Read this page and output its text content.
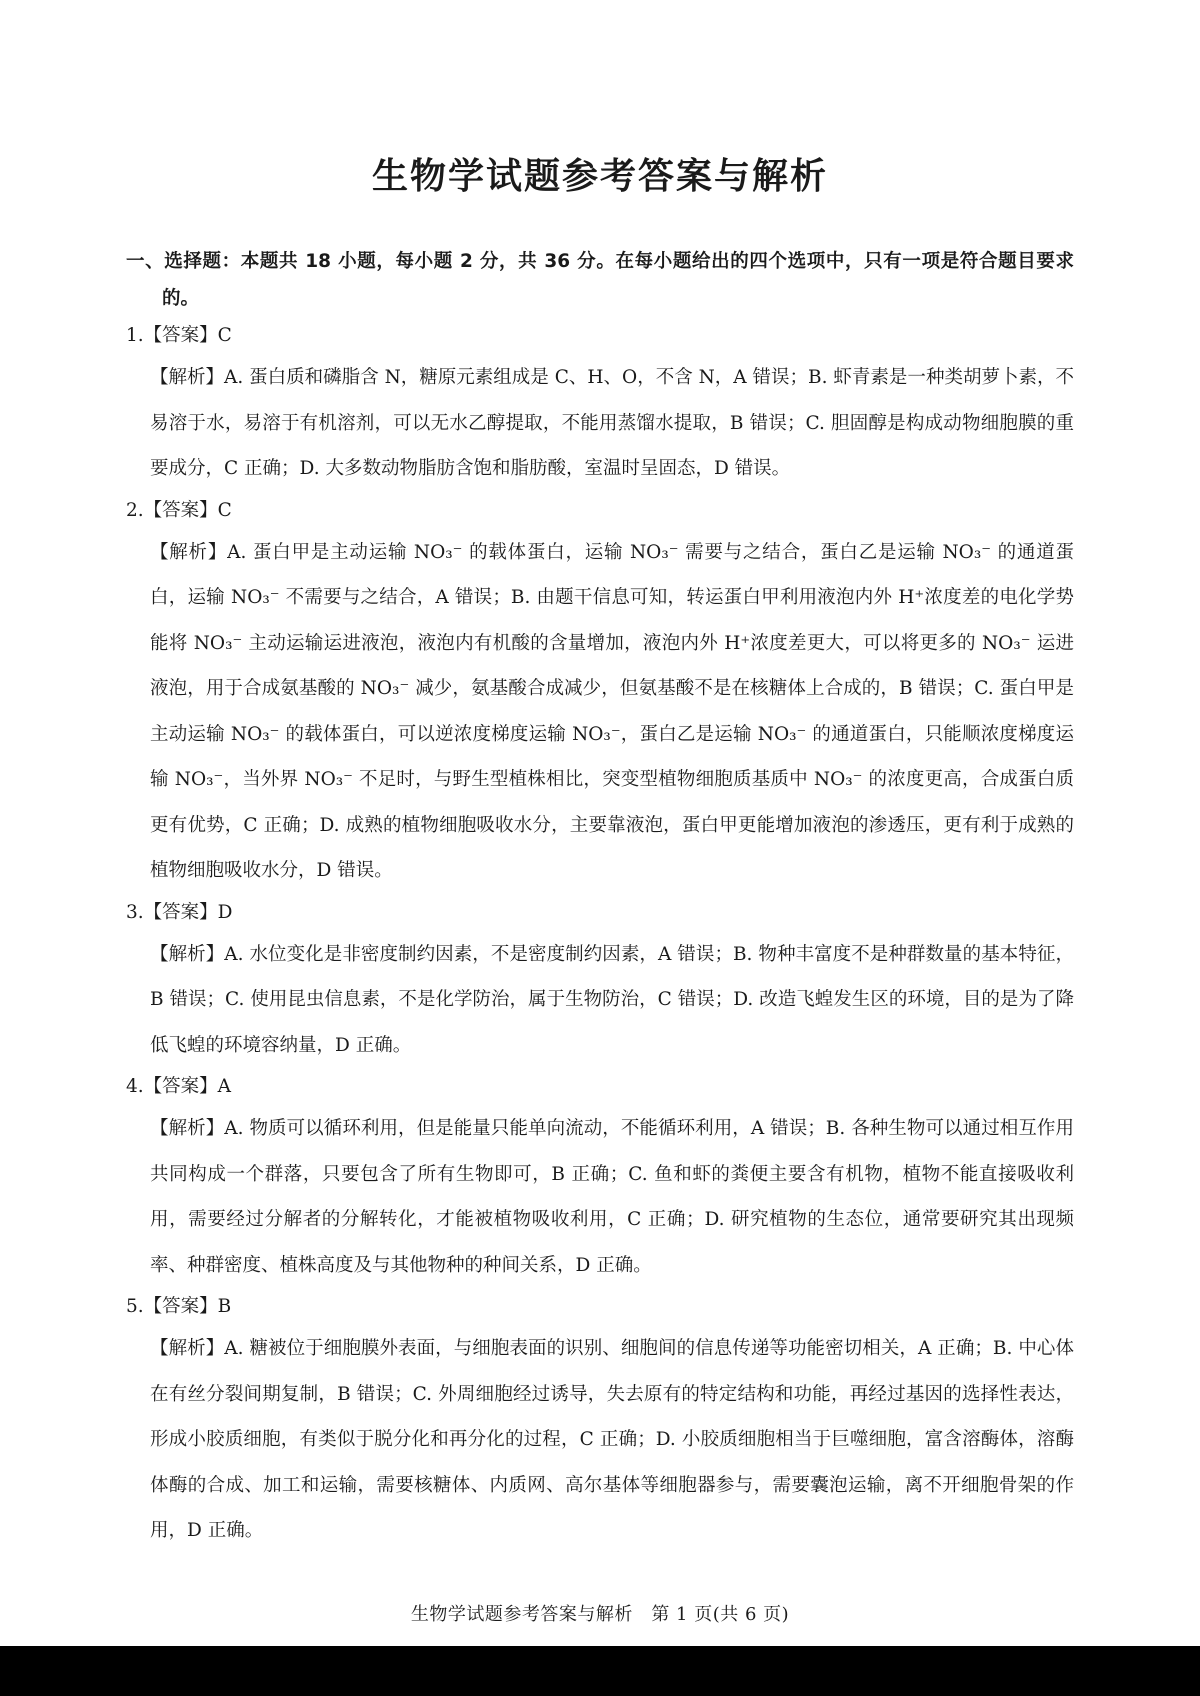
生物学试题参考答案与解析

一、选择题：本题共 18 小题，每小题 2 分，共 36 分。在每小题给出的四个选项中，只有一项是符合题目要求的。

1.【答案】C

【解析】A. 蛋白质和磷脂含 N，糖原元素组成是 C、H、O，不含 N，A 错误；B. 虾青素是一种类胡萝卜素，不易溶于水，易溶于有机溶剂，可以无水乙醇提取，不能用蒸馏水提取，B 错误；C. 胆固醇是构成动物细胞膜的重要成分，C 正确；D. 大多数动物脂肪含饱和脂肪酸，室温时呈固态，D 错误。

2.【答案】C

【解析】A. 蛋白甲是主动运输 NO₃⁻ 的载体蛋白，运输 NO₃⁻ 需要与之结合，蛋白乙是运输 NO₃⁻ 的通道蛋白，运输 NO₃⁻ 不需要与之结合，A 错误；B. 由题干信息可知，转运蛋白甲利用液泡内外 H⁺浓度差的电化学势能将 NO₃⁻ 主动运输运进液泡，液泡内有机酸的含量增加，液泡内外 H⁺浓度差更大，可以将更多的 NO₃⁻ 运进液泡，用于合成氨基酸的 NO₃⁻ 减少，氨基酸合成减少，但氨基酸不是在核糖体上合成的，B 错误；C. 蛋白甲是主动运输 NO₃⁻ 的载体蛋白，可以逆浓度梯度运输 NO₃⁻，蛋白乙是运输 NO₃⁻ 的通道蛋白，只能顺浓度梯度运输 NO₃⁻，当外界 NO₃⁻ 不足时，与野生型植株相比，突变型植物细胞质基质中 NO₃⁻ 的浓度更高，合成蛋白质更有优势，C 正确；D. 成熟的植物细胞吸收水分，主要靠液泡，蛋白甲更能增加液泡的渗透压，更有利于成熟的植物细胞吸收水分，D 错误。

3.【答案】D

【解析】A. 水位变化是非密度制约因素，不是密度制约因素，A 错误；B. 物种丰富度不是种群数量的基本特征，B 错误；C. 使用昆虫信息素，不是化学防治，属于生物防治，C 错误；D. 改造飞蝗发生区的环境，目的是为了降低飞蝗的环境容纳量，D 正确。

4.【答案】A

【解析】A. 物质可以循环利用，但是能量只能单向流动，不能循环利用，A 错误；B. 各种生物可以通过相互作用共同构成一个群落，只要包含了所有生物即可，B 正确；C. 鱼和虾的粪便主要含有机物，植物不能直接吸收利用，需要经过分解者的分解转化，才能被植物吸收利用，C 正确；D. 研究植物的生态位，通常要研究其出现频率、种群密度、植株高度及与其他物种的种间关系，D 正确。

5.【答案】B

【解析】A. 糖被位于细胞膜外表面，与细胞表面的识别、细胞间的信息传递等功能密切相关，A 正确；B. 中心体在有丝分裂间期复制，B 错误；C. 外周细胞经过诱导，失去原有的特定结构和功能，再经过基因的选择性表达，形成小胶质细胞，有类似于脱分化和再分化的过程，C 正确；D. 小胶质细胞相当于巨噬细胞，富含溶酶体，溶酶体酶的合成、加工和运输，需要核糖体、内质网、高尔基体等细胞器参与，需要囊泡运输，离不开细胞骨架的作用，D 正确。

生物学试题参考答案与解析　第 1 页(共 6 页)
